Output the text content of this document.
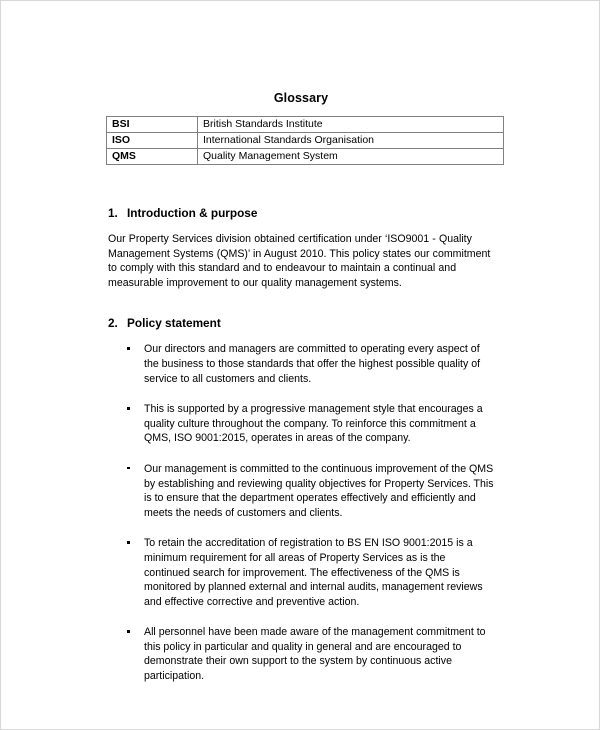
Glossary
BSI	British Standards Institute
ISO	International Standards Organisation
QMS	Quality Management System
1. Introduction & purpose

Our Property Services division obtained certification under ‘ISO9001 - Quality Management Systems (QMS)’ in August 2010. This policy states our commitment to comply with this standard and to endeavour to maintain a continual and measurable improvement to our quality management systems.

2. Policy statement
Our directors and managers are committed to operating every aspect of the business to those standards that offer the highest possible quality of service to all customers and clients.
This is supported by a progressive management style that encourages a quality culture throughout the company. To reinforce this commitment a QMS, ISO 9001:2015, operates in areas of the company.
Our management is committed to the continuous improvement of the QMS by establishing and reviewing quality objectives for Property Services. This is to ensure that the department operates effectively and efficiently and meets the needs of customers and clients.
To retain the accreditation of registration to BS EN ISO 9001:2015 is a minimum requirement for all areas of Property Services as is the continued search for improvement. The effectiveness of the QMS is monitored by planned external and internal audits, management reviews and effective corrective and preventive action.
All personnel have been made aware of the management commitment to this policy in particular and quality in general and are encouraged to demonstrate their own support to the system by continuous active participation.
